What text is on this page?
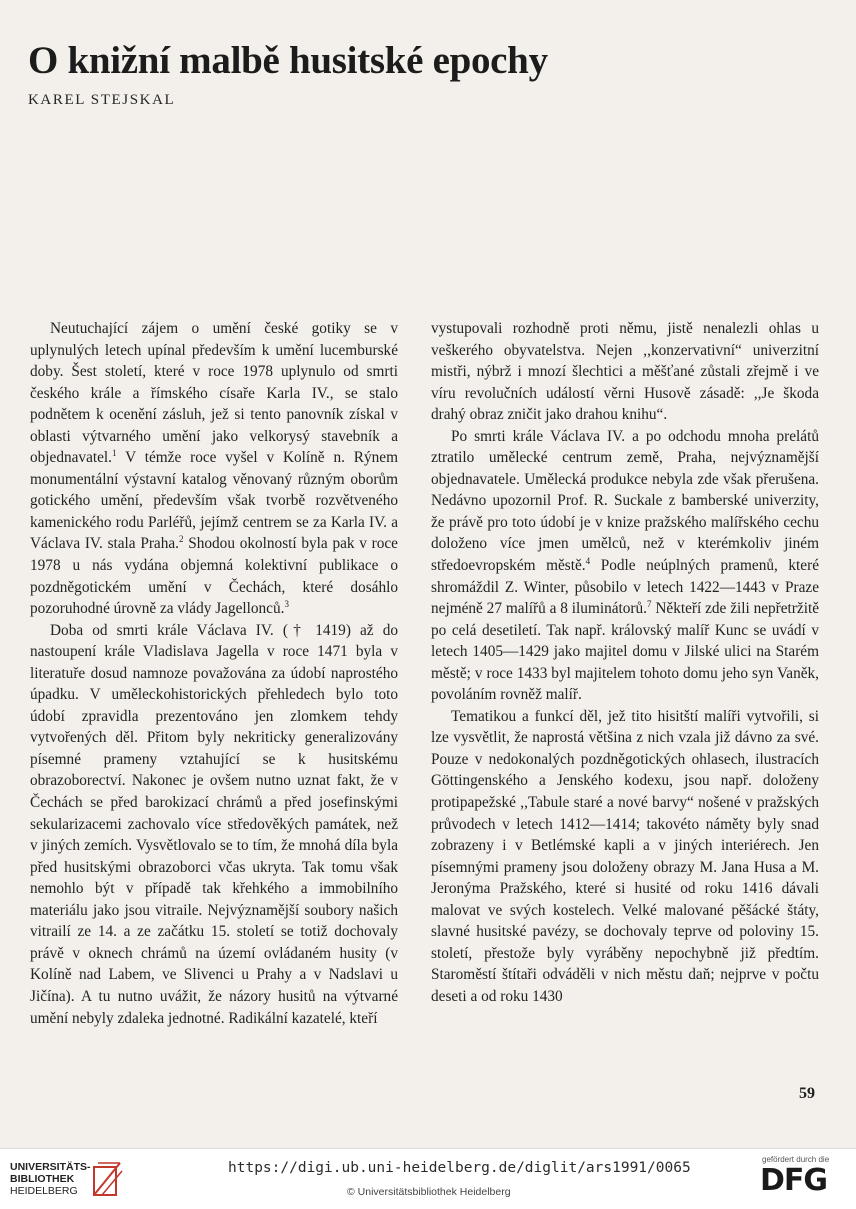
O knižní malbě husitské epochy
KAREL STEJSKAL

Neutuchající zájem o umění české gotiky se v uplynulých letech upínal především k umění lucemburské doby. Šest století, které v roce 1978 uplynulo od smrti českého krále a římského císaře Karla IV., se stalo podnětem k ocenění zásluh, jež si tento panovník získal v oblasti výtvarného umění jako velkorysý stavebník a objednavatel.$^1$ V témže roce vyšel v Kolíně n. Rýnem monumentální výstavní katalog věnovaný různým oborům gotického umění, především však tvorbě rozvětveného kamenického rodu Parléřů, jejímž centrem se za Karla IV. a Václava IV. stala Praha.$^2$ Shodou okolností byla pak v roce 1978 u nás vydána objemná kolektivní publikace o pozdněgotickém umění v Čechách, které dosáhlo pozoruhodné úrovně za vlády Jagellonců.$^3$

Doba od smrti krále Václava IV. († 1419) až do nastoupení krále Vladislava Jagella v roce 1471 byla v literatuře dosud namnoze považována za údobí naprostého úpadku. V uměleckohistorických přehledech bylo toto údobí zpravidla prezentováno jen zlomkem tehdy vytvořených děl. Přitom byly nekriticky generalizovány písemné prameny vztahující se k husitskému obrazoborectví. Nakonec je ovšem nutno uznat fakt, že v Čechách se před barokizací chrámů a před josefinskými sekularizacemi zachovalo více středověkých památek, než v jiných zemích. Vysvětlovalo se to tím, že mnohá díla byla před husitskými obrazoborci včas ukryta. Tak tomu však nemohlo být v případě tak křehkého a immobilního materiálu jako jsou vitraile. Nejvýznamější soubory našich vitrailí ze 14. a ze začátku 15. století se totiž dochovaly právě v oknech chrámů na území ovládaném husity (v Kolíně nad Labem, ve Slivenci u Prahy a v Nadslavi u Jičína). A tu nutno uvážit, že názory husitů na výtvarné umění nebyly zdaleka jednotné. Radikální kazatelé, kteří

vystupovali rozhodně proti němu, jistě nenalezli ohlas u veškerého obyvatelstva. Nejen ,,konzervativní“ univerzitní mistři, nýbrž i mnozí šlechtici a měšťané zůstali zřejmě i ve víru revolučních událostí věrni Husově zásadě: ,,Je škoda drahý obraz zničit jako drahou knihu“.

Po smrti krále Václava IV. a po odchodu mnoha prelátů ztratilo umělecké centrum země, Praha, nejvýznamější objednavatele. Umělecká produkce nebyla zde však přerušena. Nedávno upozornil Prof. R. Suckale z bamberské univerzity, že právě pro toto údobí je v knize pražského malířského cechu doloženo více jmen umělců, než v kterémkoliv jiném středoevropském městě.$^4$ Podle neúplných pramenů, které shromáždil Z. Winter, působilo v letech 1422—1443 v Praze nejméně 27 malířů a 8 iluminátorů.$^7$ Někteří zde žili nepřetržitě po celá desetiletí. Tak např. královský malíř Kunc se uvádí v letech 1405—1429 jako majitel domu v Jilské ulici na Starém městě; v roce 1433 byl majitelem tohoto domu jeho syn Vaněk, povoláním rovněž malíř.

Tematikou a funkcí děl, jež tito hisitští malíři vytvořili, si lze vysvětlit, že naprostá většina z nich vzala již dávno za své. Pouze v nedokonalých pozdněgotických ohlasech, ilustracích Göttingenského a Jenského kodexu, jsou např. doloženy protipapežské ,,Tabule staré a nové barvy“ nošené v pražských průvodech v letech 1412—1414; takovéto náměty byly snad zobrazeny i v Betlémské kapli a v jiných interiérech. Jen písemnými prameny jsou doloženy obrazy M. Jana Husa a M. Jeronýma Pražského, které si husité od roku 1416 dávali malovat ve svých kostelech. Velké malované pěšácké štáty, slavné husitské pavézy, se dochovaly teprve od poloviny 15. století, přestože byly vyráběny nepochybně již předtím. Staroměstí štítaři odváděli v nich městu daň; nejprve v počtu deseti a od roku 1430

59
UNIVERSITÄTS-
BIBLIOTHEK
HEIDELBERG
https://digi.ub.uni-heidelberg.de/diglit/ars1991/0065
© Universitätsbibliothek Heidelberg
gefördert durch die
DFG
